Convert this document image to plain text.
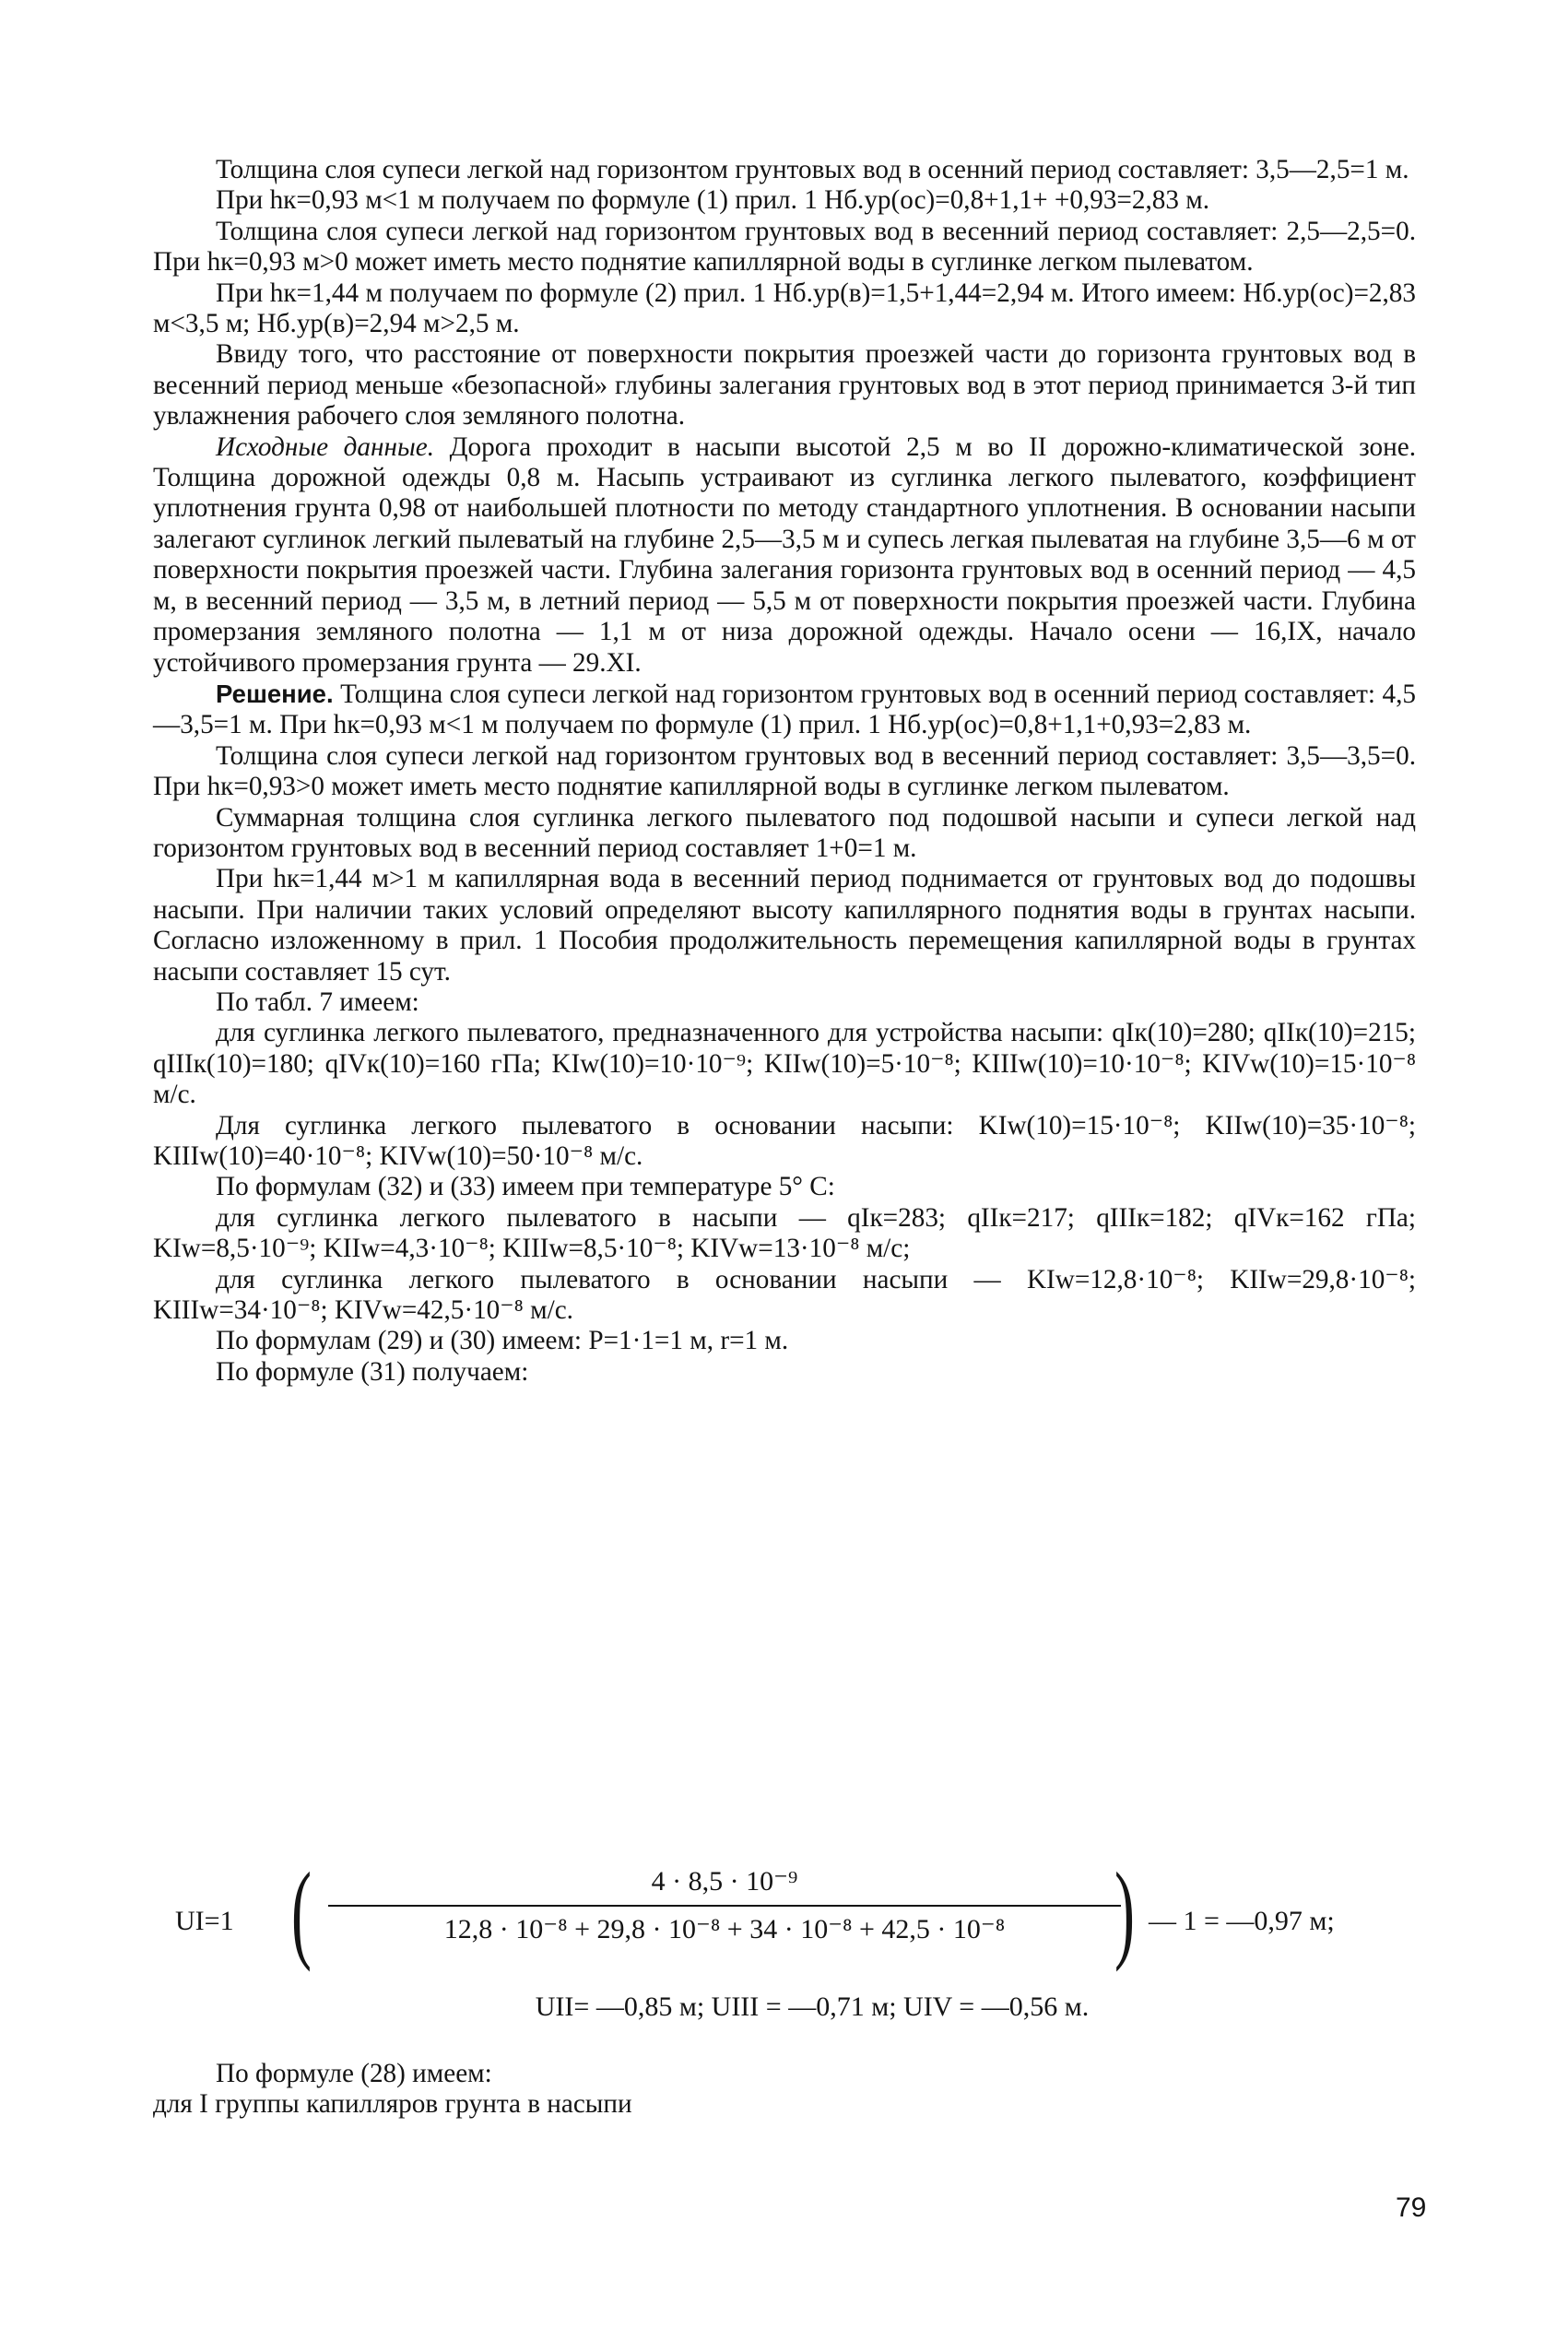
Толщина слоя супеси легкой над горизонтом грунтовых вод в осенний период составляет: 3,5—2,5=1 м.

При hк=0,93 м<1 м получаем по формуле (1) прил. 1 Hб.ур(ос)=0,8+1,1+ +0,93=2,83 м.

Толщина слоя супеси легкой над горизонтом грунтовых вод в весенний период составляет: 2,5—2,5=0. При hк=0,93 м>0 может иметь место поднятие капиллярной воды в суглинке легком пылеватом.

При hк=1,44 м получаем по формуле (2) прил. 1 Hб.ур(в)=1,5+1,44=2,94 м. Итого имеем: Hб.ур(ос)=2,83 м<3,5 м; Hб.ур(в)=2,94 м>2,5 м.

Ввиду того, что расстояние от поверхности покрытия проезжей части до горизонта грунтовых вод в весенний период меньше «безопасной» глубины залегания грунтовых вод в этот период принимается 3-й тип увлажнения рабочего слоя земляного полотна.

Исходные данные. Дорога проходит в насыпи высотой 2,5 м во II дорожно-климатической зоне. Толщина дорожной одежды 0,8 м. Насыпь устраивают из суглинка легкого пылеватого, коэффициент уплотнения грунта 0,98 от наибольшей плотности по методу стандартного уплотнения. В основании насыпи залегают суглинок легкий пылеватый на глубине 2,5—3,5 м и супесь легкая пылеватая на глубине 3,5—6 м от поверхности покрытия проезжей части. Глубина залегания горизонта грунтовых вод в осенний период — 4,5 м, в весенний период — 3,5 м, в летний период — 5,5 м от поверхности покрытия проезжей части. Глубина промерзания земляного полотна — 1,1 м от низа дорожной одежды. Начало осени — 16,IX, начало устойчивого промерзания грунта — 29.XI.

Решение. Толщина слоя супеси легкой над горизонтом грунтовых вод в осенний период составляет: 4,5—3,5=1 м. При hк=0,93 м<1 м получаем по формуле (1) прил. 1 Hб.ур(ос)=0,8+1,1+0,93=2,83 м.

Толщина слоя супеси легкой над горизонтом грунтовых вод в весенний период составляет: 3,5—3,5=0. При hк=0,93>0 может иметь место поднятие капиллярной воды в суглинке легком пылеватом.

Суммарная толщина слоя суглинка легкого пылеватого под подошвой насыпи и супеси легкой над горизонтом грунтовых вод в весенний период составляет 1+0=1 м.

При hк=1,44 м>1 м капиллярная вода в весенний период поднимается от грунтовых вод до подошвы насыпи. При наличии таких условий определяют высоту капиллярного поднятия воды в грунтах насыпи. Согласно изложенному в прил. 1 Пособия продолжительность перемещения капиллярной воды в грунтах насыпи составляет 15 сут.

По табл. 7 имеем:

для суглинка легкого пылеватого, предназначенного для устройства насыпи: qIк(10)=280; qIIк(10)=215; qIIIк(10)=180; qIVк(10)=160 гПа; KIw(10)=10·10⁻⁹; KIIw(10)=5·10⁻⁸; KIIIw(10)=10·10⁻⁸; KIVw(10)=15·10⁻⁸ м/с.

Для суглинка легкого пылеватого в основании насыпи: KIw(10)=15·10⁻⁸; KIIw(10)=35·10⁻⁸; KIIIw(10)=40·10⁻⁸; KIVw(10)=50·10⁻⁸ м/с.

По формулам (32) и (33) имеем при температуре 5° С:

для суглинка легкого пылеватого в насыпи — qIк=283; qIIк=217; qIIIк=182; qIVк=162 гПа; KIw=8,5·10⁻⁹; KIIw=4,3·10⁻⁸; KIIIw=8,5·10⁻⁸; KIVw=13·10⁻⁸ м/с;

для суглинка легкого пылеватого в основании насыпи — KIw=12,8·10⁻⁸; KIIw=29,8·10⁻⁸; KIIIw=34·10⁻⁸; KIVw=42,5·10⁻⁸ м/с.

По формулам (29) и (30) имеем: P=1·1=1 м, r=1 м.

По формуле (31) получаем:

UI=1 (	4 · 8,5 · 10⁻⁹
12,8 · 10⁻⁸ + 29,8 · 10⁻⁸ + 34 · 10⁻⁸ + 42,5 · 10⁻⁸ ) — 1 = —0,97 м;
UII= —0,85 м; UIII = —0,71 м; UIV = —0,56 м.

По формуле (28) имеем:

для I группы капилляров грунта в насыпи

79
